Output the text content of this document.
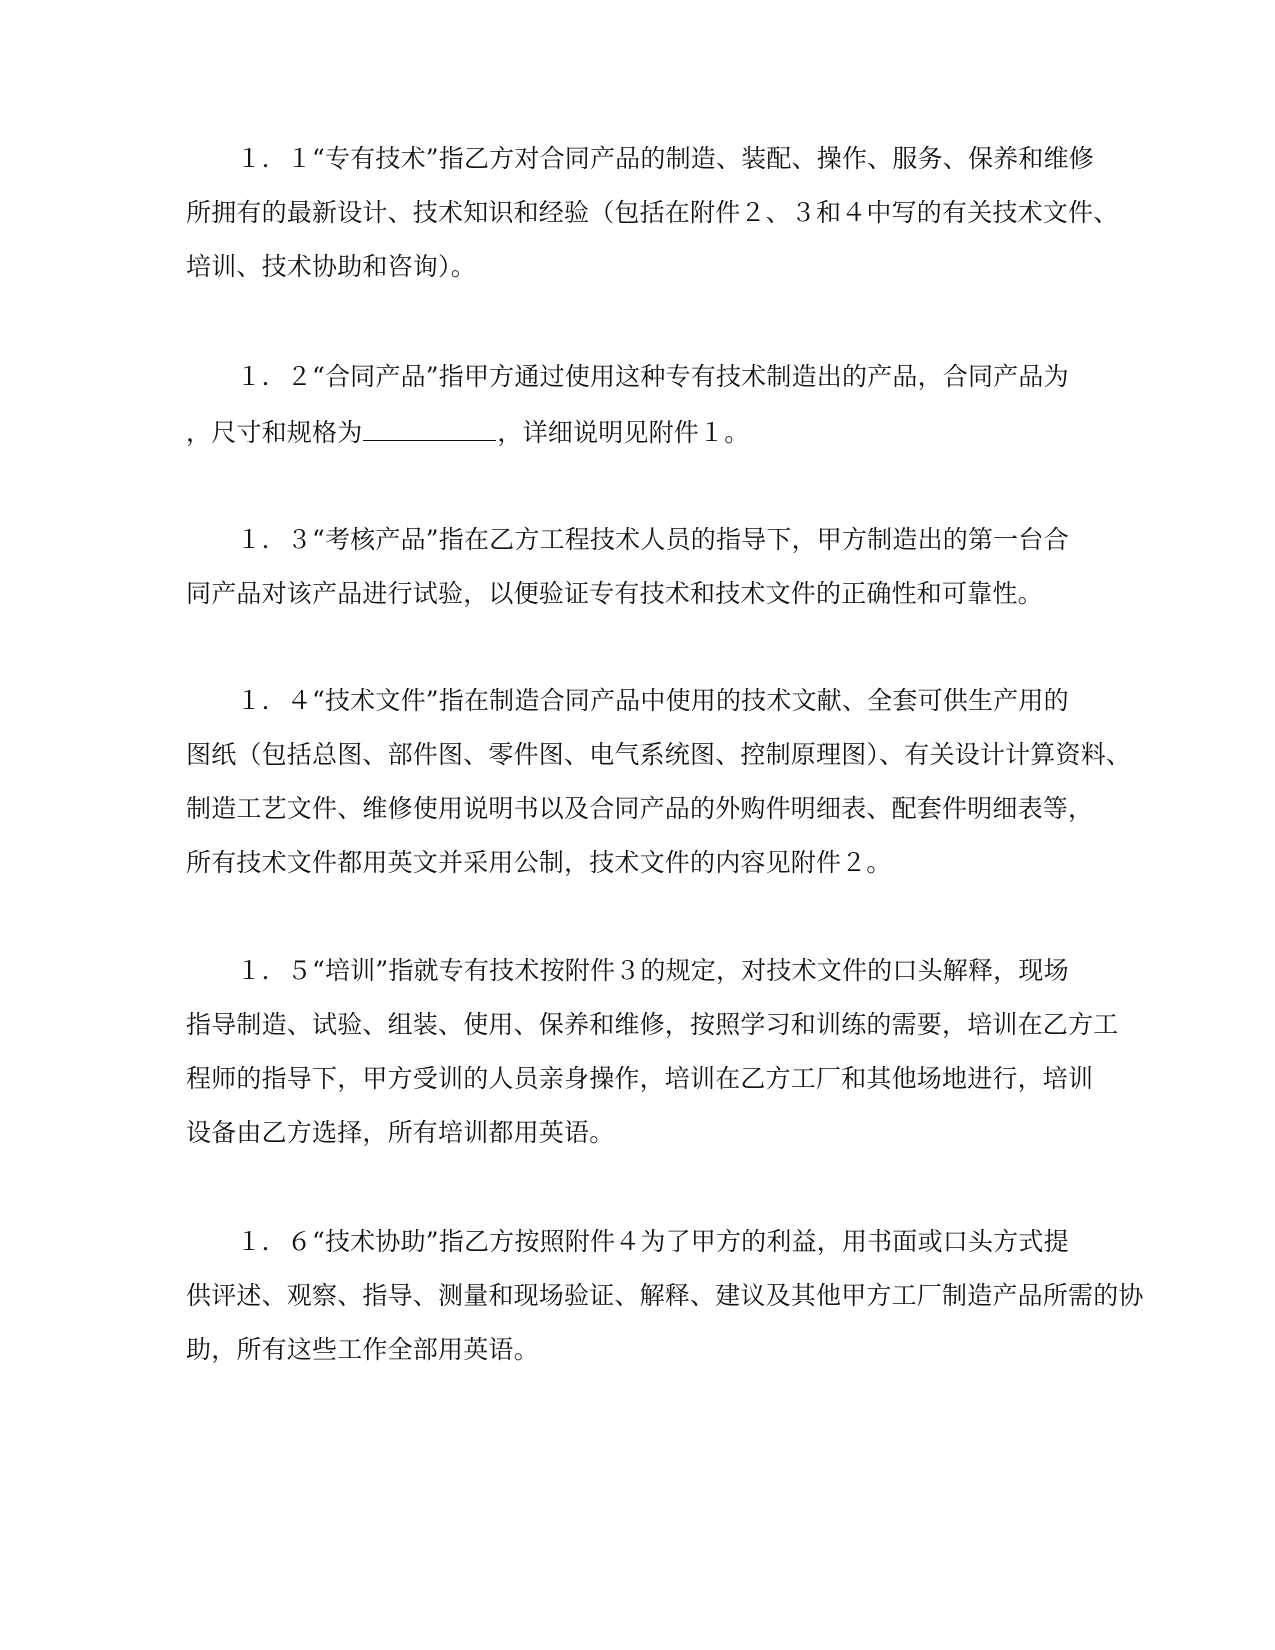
　　１．１“专有技术”指乙方对合同产品的制造、装配、操作、服务、保养和维修
所拥有的最新设计、技术知识和经验（包括在附件２、３和４中写的有关技术文件、
培训、技术协助和咨询）。
　　１．２“合同产品”指甲方通过使用这种专有技术制造出的产品，合同产品为
，尺寸和规格为	，详细说明见附件１。
　　１．３“考核产品”指在乙方工程技术人员的指导下，甲方制造出的第一台合
同产品对该产品进行试验，以便验证专有技术和技术文件的正确性和可靠性。
　　１．４“技术文件”指在制造合同产品中使用的技术文献、全套可供生产用的
图纸（包括总图、部件图、零件图、电气系统图、控制原理图）、有关设计计算资料、
制造工艺文件、维修使用说明书以及合同产品的外购件明细表、配套件明细表等，
所有技术文件都用英文并采用公制，技术文件的内容见附件２。
　　１．５“培训”指就专有技术按附件３的规定，对技术文件的口头解释，现场
指导制造、试验、组装、使用、保养和维修，按照学习和训练的需要，培训在乙方工
程师的指导下，甲方受训的人员亲身操作，培训在乙方工厂和其他场地进行，培训
设备由乙方选择，所有培训都用英语。
　　１．６“技术协助”指乙方按照附件４为了甲方的利益，用书面或口头方式提
供评述、观察、指导、测量和现场验证、解释、建议及其他甲方工厂制造产品所需的协
助，所有这些工作全部用英语。
